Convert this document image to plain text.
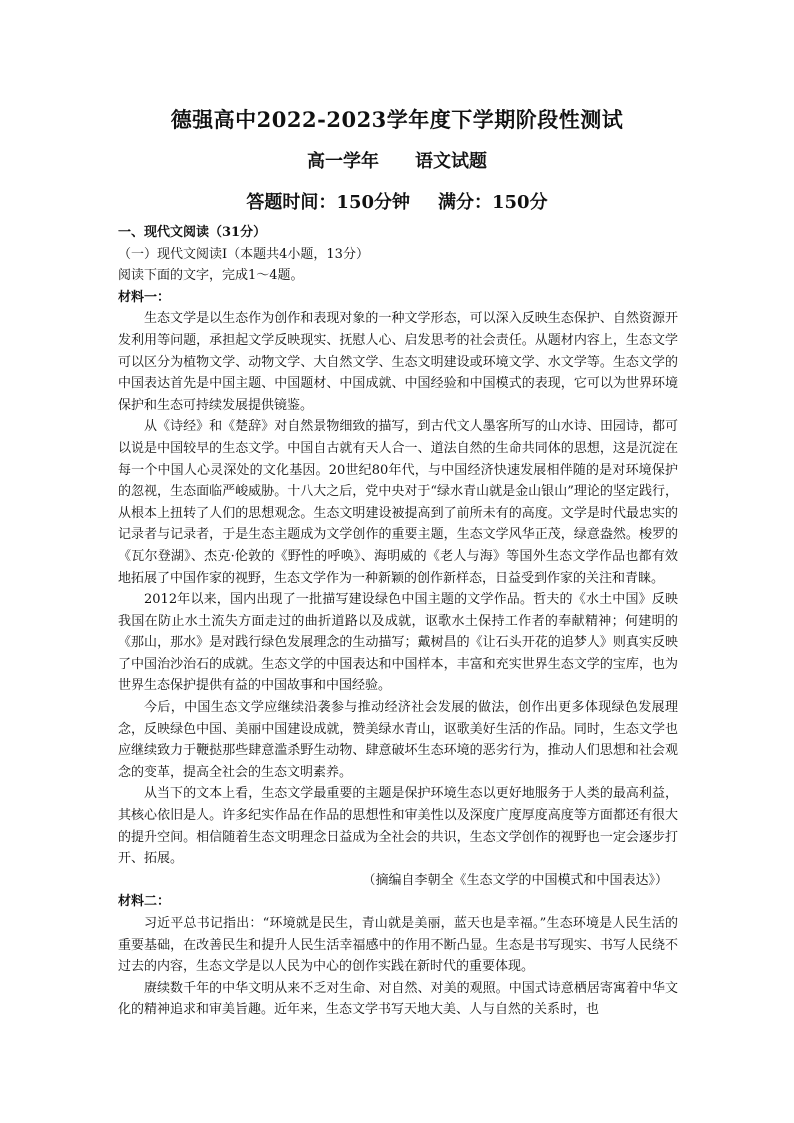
德强高中2022-2023学年度下学期阶段性测试
高一学年 语文试题
答题时间：150分钟 满分：150分

一、现代文阅读（31分）

（一）现代文阅读Ⅰ（本题共4小题，13分）

阅读下面的文字，完成1～4题。

材料一：

生态文学是以生态作为创作和表现对象的一种文学形态，可以深入反映生态保护、自然资源开发利用等问题，承担起文学反映现实、抚慰人心、启发思考的社会责任。从题材内容上，生态文学可以区分为植物文学、动物文学、大自然文学、生态文明建设或环境文学、水文学等。生态文学的中国表达首先是中国主题、中国题材、中国成就、中国经验和中国模式的表现，它可以为世界环境保护和生态可持续发展提供镜鉴。

从《诗经》和《楚辞》对自然景物细致的描写，到古代文人墨客所写的山水诗、田园诗，都可以说是中国较早的生态文学。中国自古就有天人合一、道法自然的生命共同体的思想，这是沉淀在每一个中国人心灵深处的文化基因。20世纪80年代，与中国经济快速发展相伴随的是对环境保护的忽视，生态面临严峻威胁。十八大之后，党中央对于“绿水青山就是金山银山”理论的坚定践行，从根本上扭转了人们的思想观念。生态文明建设被提高到了前所未有的高度。文学是时代最忠实的记录者与记录者，于是生态主题成为文学创作的重要主题，生态文学风华正茂，绿意盎然。梭罗的《瓦尔登湖》、杰克·伦敦的《野性的呼唤》、海明威的《老人与海》等国外生态文学作品也都有效地拓展了中国作家的视野，生态文学作为一种新颖的创作新样态，日益受到作家的关注和青睐。

2012年以来，国内出现了一批描写建设绿色中国主题的文学作品。哲夫的《水土中国》反映我国在防止水土流失方面走过的曲折道路以及成就，讴歌水土保持工作者的奉献精神；何建明的《那山，那水》是对践行绿色发展理念的生动描写；戴树昌的《让石头开花的追梦人》则真实反映了中国治沙治石的成就。生态文学的中国表达和中国样本，丰富和充实世界生态文学的宝库，也为世界生态保护提供有益的中国故事和中国经验。

今后，中国生态文学应继续沿袭参与推动经济社会发展的做法，创作出更多体现绿色发展理念，反映绿色中国、美丽中国建设成就，赞美绿水青山，讴歌美好生活的作品。同时，生态文学也应继续致力于鞭挞那些肆意滥杀野生动物、肆意破坏生态环境的恶劣行为，推动人们思想和社会观念的变革，提高全社会的生态文明素养。

从当下的文本上看，生态文学最重要的主题是保护环境生态以更好地服务于人类的最高利益，其核心依旧是人。许多纪实作品在作品的思想性和审美性以及深度广度厚度高度等方面都还有很大的提升空间。相信随着生态文明理念日益成为全社会的共识，生态文学创作的视野也一定会逐步打开、拓展。

（摘编自李朝全《生态文学的中国模式和中国表达》）

材料二：

习近平总书记指出：“环境就是民生，青山就是美丽，蓝天也是幸福。”生态环境是人民生活的重要基础，在改善民生和提升人民生活幸福感中的作用不断凸显。生态是书写现实、书写人民绕不过去的内容，生态文学是以人民为中心的创作实践在新时代的重要体现。

赓续数千年的中华文明从来不乏对生命、对自然、对美的观照。中国式诗意栖居寄寓着中华文化的精神追求和审美旨趣。近年来，生态文学书写天地大美、人与自然的关系时，也
